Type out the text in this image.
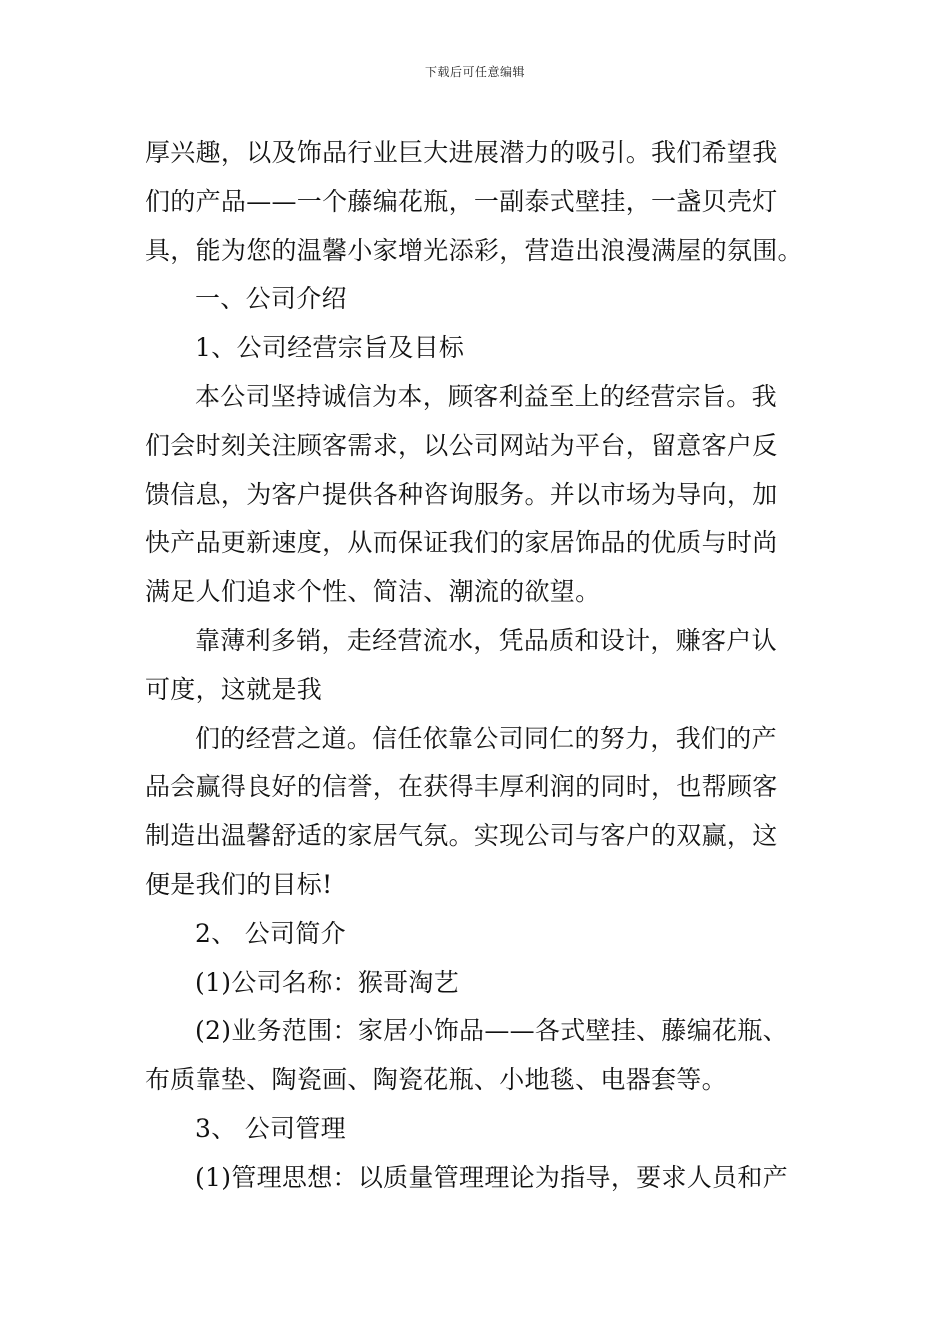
下载后可任意编辑
厚兴趣，以及饰品行业巨大进展潜力的吸引。我们希望我
们的产品——一个藤编花瓶，一副泰式壁挂，一盏贝壳灯
具，能为您的温馨小家增光添彩，营造出浪漫满屋的氛围。
一、公司介绍
1、公司经营宗旨及目标
本公司坚持诚信为本，顾客利益至上的经营宗旨。我
们会时刻关注顾客需求，以公司网站为平台，留意客户反
馈信息，为客户提供各种咨询服务。并以市场为导向，加
快产品更新速度，从而保证我们的家居饰品的优质与时尚
满足人们追求个性、简洁、潮流的欲望。
靠薄利多销，走经营流水，凭品质和设计，赚客户认
可度，这就是我
们的经营之道。信任依靠公司同仁的努力，我们的产
品会赢得良好的信誉，在获得丰厚利润的同时，也帮顾客
制造出温馨舒适的家居气氛。实现公司与客户的双赢，这
便是我们的目标!
2、 公司简介
(1)公司名称：猴哥淘艺
(2)业务范围：家居小饰品——各式壁挂、藤编花瓶、
布质靠垫、陶瓷画、陶瓷花瓶、小地毯、电器套等。
3、 公司管理
(1)管理思想：以质量管理理论为指导，要求人员和产
